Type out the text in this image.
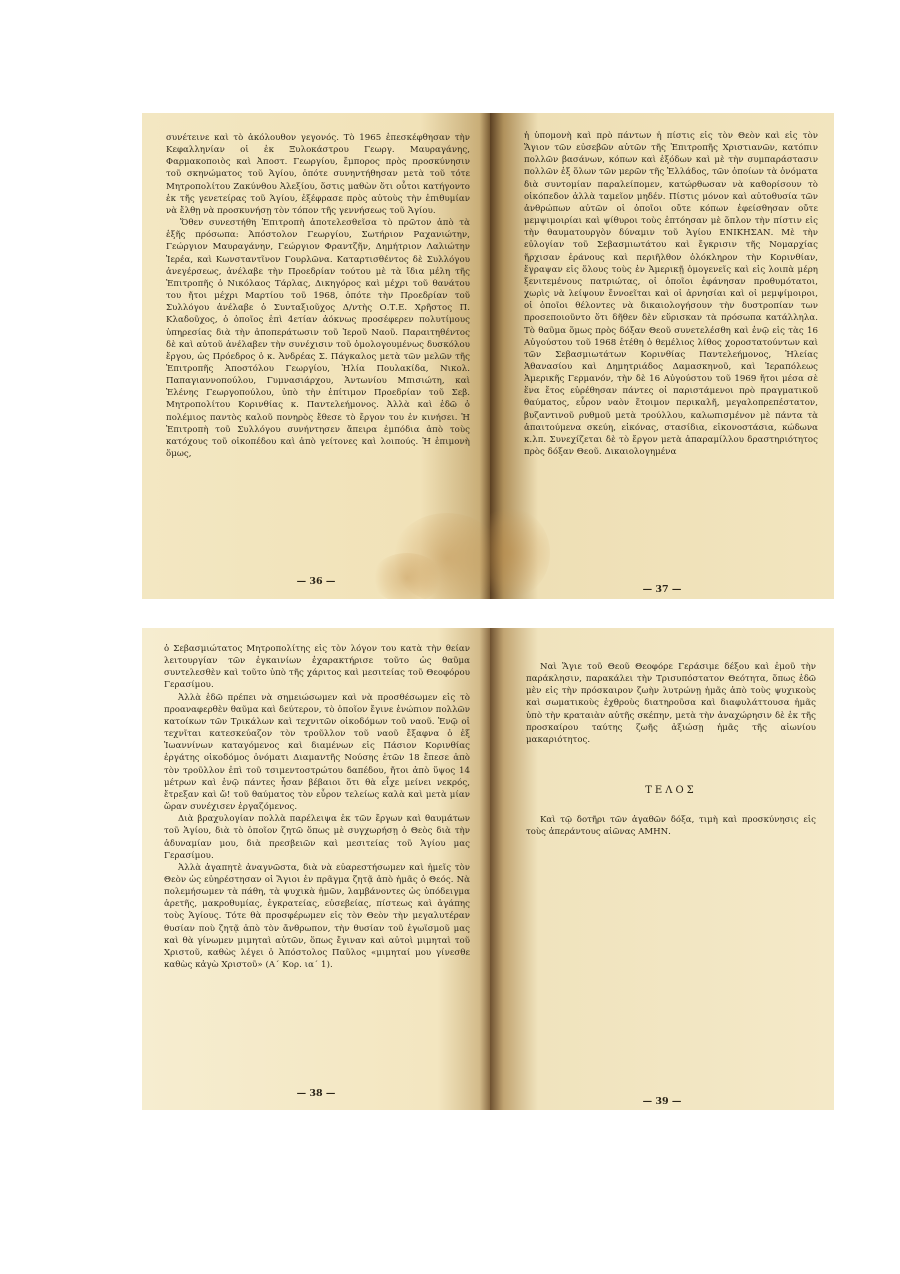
συνέτεινε καὶ τὸ ἀκόλουθον γεγονός. Τὸ 1965 ἐπεσκέφθησαν τὴν Κεφαλληνίαν οἱ ἐκ Ξυλοκάστρου Γεωργ. Μαυραγάνης, Φαρμακοποιὸς καὶ Ἀποστ. Γεωργίου, ἔμπορος πρὸς προσκύνησιν τοῦ σκηνώματος τοῦ Ἁγίου, ὁπότε συνηντήθησαν μετὰ τοῦ τότε Μητροπολίτου Ζακύνθου Ἀλεξίου, ὅστις μαθὼν ὅτι οὗτοι κατήγοντο ἐκ τῆς γενετείρας τοῦ Ἁγίου, ἐξέφρασε πρὸς αὐτοὺς τὴν ἐπιθυμίαν νὰ ἔλθῃ νὰ προσκυνήσῃ τὸν τόπον τῆς γεννήσεως τοῦ Ἁγίου.

Ὅθεν συνεστήθη Ἐπιτροπὴ ἀποτελεσθεῖσα τὸ πρῶτον ἀπὸ τὰ ἑξῆς πρόσωπα: Ἀπόστολον Γεωργίου, Σωτήριον Ραχανιώτην, Γεώργιον Μαυραγάνην, Γεώργιον Φραντζῆν, Δημήτριον Λαλιώτην Ἱερέα, καὶ Κωνσταντῖνον Γουρλῶνα. Καταρτισθέντος δὲ Συλλόγου ἀνεγέρσεως, ἀνέλαβε τὴν Προεδρίαν τούτου μὲ τὰ ἴδια μέλη τῆς Ἐπιτροπῆς ὁ Νικόλαος Τάρλας, Δικηγόρος καὶ μέχρι τοῦ θανάτου του ἤτοι μέχρι Μαρτίου τοῦ 1968, ὁπότε τὴν Προεδρίαν τοῦ Συλλόγου ἀνέλαβε ὁ Συνταξιοῦχος Δ/ντὴς Ο.Τ.Ε. Χρῆστος Π. Κλαδοῦχος, ὁ ὁποῖος ἐπὶ 4ετίαν ἀόκνως προσέφερεν πολυτίμους ὑπηρεσίας διὰ τὴν ἀποπεράτωσιν τοῦ Ἱεροῦ Ναοῦ. Παραιτηθέντος δὲ καὶ αὐτοῦ ἀνέλαβεν τὴν συνέχισιν τοῦ ὁμολογουμένως δυσκόλου ἔργου, ὡς Πρόεδρος ὁ κ. Ἀνδρέας Σ. Πάγκαλος μετὰ τῶν μελῶν τῆς Ἐπιτροπῆς Ἀποστόλου Γεωργίου, Ἠλία Πουλακίδα, Νικολ. Παπαγιαννοπούλου, Γυμνασιάρχου, Ἀντωνίου Μπισιώτη, καὶ Ἑλένης Γεωργοπούλου, ὑπὸ τὴν ἐπίτιμον Προεδρίαν τοῦ Σεβ. Μητροπολίτου Κορινθίας κ. Παντελεήμονος. Ἀλλὰ καὶ ἐδῶ ὁ πολέμιος παντὸς καλοῦ πονηρὸς ἔθεσε τὸ ἔργον του ἐν κινήσει. Ἡ Ἐπιτροπὴ τοῦ Συλλόγου συνήντησεν ἄπειρα ἐμπόδια ἀπὸ τοὺς κατόχους τοῦ οἰκοπέδου καὶ ἀπὸ γείτονες καὶ λοιπούς. Ἡ ἐπιμονὴ ὅμως,

— 36 —

ἡ ὑπομονὴ καὶ πρὸ πάντων ἡ πίστις εἰς τὸν Θεὸν καὶ εἰς τὸν Ἅγιον τῶν εὐσεβῶν αὐτῶν τῆς Ἐπιτροπῆς Χριστιανῶν, κατόπιν πολλῶν βασάνων, κόπων καὶ ἐξόδων καὶ μὲ τὴν συμπαράστασιν πολλῶν ἐξ ὅλων τῶν μερῶν τῆς Ἑλλάδος, τῶν ὁποίων τὰ ὀνόματα διὰ συντομίαν παραλείπομεν, κατώρθωσαν νὰ καθορίσουν τὸ οἰκόπεδον ἀλλὰ ταμεῖον μηδέν. Πίστις μόνον καὶ αὐτοθυσία τῶν ἀνθρώπων αὐτῶν οἱ ὁποῖοι οὔτε κόπων ἐφείσθησαν οὔτε μεμψιμοιρίαι καὶ ψίθυροι τοὺς ἐπτόησαν μὲ ὅπλον τὴν πίστιν εἰς τὴν θαυματουργὸν δύναμιν τοῦ Ἁγίου ΕΝΙΚΗΣΑΝ. Μὲ τὴν εὐλογίαν τοῦ Σεβασμιωτάτου καὶ ἔγκρισιν τῆς Νομαρχίας ἤρχισαν ἐράνους καὶ περιῆλθον ὁλόκληρον τὴν Κορινθίαν, ἔγραψαν εἰς ὅλους τοὺς ἐν Ἀμερικῇ ὁμογενεῖς καὶ εἰς λοιπὰ μέρη ξενιτεμένους πατριώτας, οἱ ὁποῖοι ἐφάνησαν προθυμότατοι, χωρὶς νὰ λείψουν ἔννοεῖται καὶ οἱ ἀρνησίαι καὶ οἱ μεμψίμοιροι, οἱ ὁποῖοι θέλοντες νὰ δικαιολογήσουν τὴν δυστροπίαν των προσεποιοῦντο ὅτι δῆθεν δὲν εὕρισκαν τὰ πρόσωπα κατάλληλα. Τὸ θαῦμα ὅμως πρὸς δόξαν Θεοῦ συνετελέσθη καὶ ἐνῷ εἰς τὰς 16 Αὐγούστου τοῦ 1968 ἐτέθη ὁ θεμέλιος λίθος χοροστατούντων καὶ τῶν Σεβασμιωτάτων Κορινθίας Παντελεήμονος, Ἠλείας Ἀθανασίου καὶ Δημητριάδος Δαμασκηνοῦ, καὶ Ἱεραπόλεως Ἀμερικῆς Γερμανόν, τὴν δὲ 16 Αὐγούστου τοῦ 1969 ἤτοι μέσα σὲ ἕνα ἔτος εὑρέθησαν πάντες οἱ παριστάμενοι πρὸ πραγματικοῦ θαύματος, εὗρον ναὸν ἕτοιμον περικαλῆ, μεγαλοπρεπέστατον, βυζαντινοῦ ρυθμοῦ μετὰ τρούλλου, καλωπισμένον μὲ πάντα τὰ ἀπαιτούμενα σκεύη, εἰκόνας, στασίδια, εἰκονοστάσια, κώδωνα κ.λπ. Συνεχίζεται δὲ τὸ ἔργον μετὰ ἀπαραμίλλου δραστηριότητος πρὸς δόξαν Θεοῦ. Δικαιολογημένα

— 37 —

ὁ Σεβασμιώτατος Μητροπολίτης εἰς τὸν λόγον του κατὰ τὴν θείαν λειτουργίαν τῶν ἐγκαινίων ἐχαρακτήρισε τοῦτο ὡς θαῦμα συντελεσθὲν καὶ τοῦτο ὑπὸ τῆς χάριτος καὶ μεσιτείας τοῦ Θεοφόρου Γερασίμου.

Ἀλλὰ ἐδῶ πρέπει νὰ σημειώσωμεν καὶ νὰ προσθέσωμεν εἰς τὸ προαναφερθὲν θαῦμα καὶ δεύτερον, τὸ ὁποῖον ἔγινε ἐνώπιον πολλῶν κατοίκων τῶν Τρικάλων καὶ τεχνιτῶν οἰκοδόμων τοῦ ναοῦ. Ἐνῷ οἱ τεχνῖται κατεσκεύαζον τὸν τροῦλλον τοῦ ναοῦ ἔξαφνα ὁ ἐξ Ἰωαννίνων καταγόμενος καὶ διαμένων εἰς Πάσιον Κορινθίας ἐργάτης οἰκοδόμος ὀνόματι Διαμαντῆς Νούσης ἐτῶν 18 ἔπεσε ἀπὸ τὸν τροῦλλον ἐπὶ τοῦ τσιμεντοστρώτου δαπέδου, ἤτοι ἀπὸ ὕψος 14 μέτρων καὶ ἐνῷ πάντες ἦσαν βέβαιοι ὅτι θὰ εἶχε μείνει νεκρός, ἔτρεξαν καὶ ὤ! τοῦ θαύματος τὸν εὗρον τελείως καλὰ καὶ μετὰ μίαν ὥραν συνέχισεν ἐργαζόμενος.

Διὰ βραχυλογίαν πολλὰ παρέλειψα ἐκ τῶν ἔργων καὶ θαυμάτων τοῦ Ἁγίου, διὰ τὸ ὁποῖον ζητῶ ὅπως μὲ συγχωρήσῃ ὁ Θεὸς διὰ τὴν ἀδυναμίαν μου, διὰ πρεσβειῶν καὶ μεσιτείας τοῦ Ἁγίου μας Γερασίμου.

Ἀλλὰ ἀγαπητὲ ἀναγνῶστα, διὰ νὰ εὐαρεστήσωμεν καὶ ἡμεῖς τὸν Θεὸν ὡς εὐηρέστησαν οἱ Ἅγιοι ἐν πρᾶγμα ζητᾷ ἀπὸ ἡμᾶς ὁ Θεός. Νὰ πολεμήσωμεν τὰ πάθη, τὰ ψυχικὰ ἡμῶν, λαμβάνοντες ὡς ὑπόδειγμα ἀρετῆς, μακροθυμίας, ἐγκρατείας, εὐσεβείας, πίστεως καὶ ἀγάπης τοὺς Ἁγίους. Τότε θὰ προσφέρωμεν εἰς τὸν Θεὸν τὴν μεγαλυτέραν θυσίαν ποὺ ζητᾷ ἀπὸ τὸν ἄνθρωπον, τὴν θυσίαν τοῦ ἐγωϊσμοῦ μας καὶ θὰ γίνωμεν μιμηταὶ αὐτῶν, ὅπως ἔγιναν καὶ αὐτοὶ μιμηταὶ τοῦ Χριστοῦ, καθὼς λέγει ὁ Ἀπόστολος Παῦλος «μιμηταί μου γίνεσθε καθὼς κἀγὼ Χριστοῦ» (Α΄ Κορ. ια΄ 1).

— 38 —

Ναὶ Ἅγιε τοῦ Θεοῦ Θεοφόρε Γεράσιμε δέξου καὶ ἐμοῦ τὴν παράκλησιν, παρακάλει τὴν Τρισυπόστατον Θεότητα, ὅπως ἐδῶ μὲν εἰς τὴν πρόσκαιρον ζωὴν λυτρώνῃ ἡμᾶς ἀπὸ τοὺς ψυχικοὺς καὶ σωματικοὺς ἐχθροὺς διατηροῦσα καὶ διαφυλάττουσα ἡμᾶς ὑπὸ τὴν κραταιὰν αὐτῆς σκέπην, μετὰ τὴν ἀναχώρησιν δὲ ἐκ τῆς προσκαίρου ταύτης ζωῆς ἀξιώσῃ ἡμᾶς τῆς αἰωνίου μακαριότητος.

ΤΕΛΟΣ
Καὶ τῷ δοτῆρι τῶν ἀγαθῶν δόξα, τιμὴ καὶ προσκύνησις εἰς τοὺς ἀπεράντους αἰῶνας ΑΜΗΝ.
— 39 —
